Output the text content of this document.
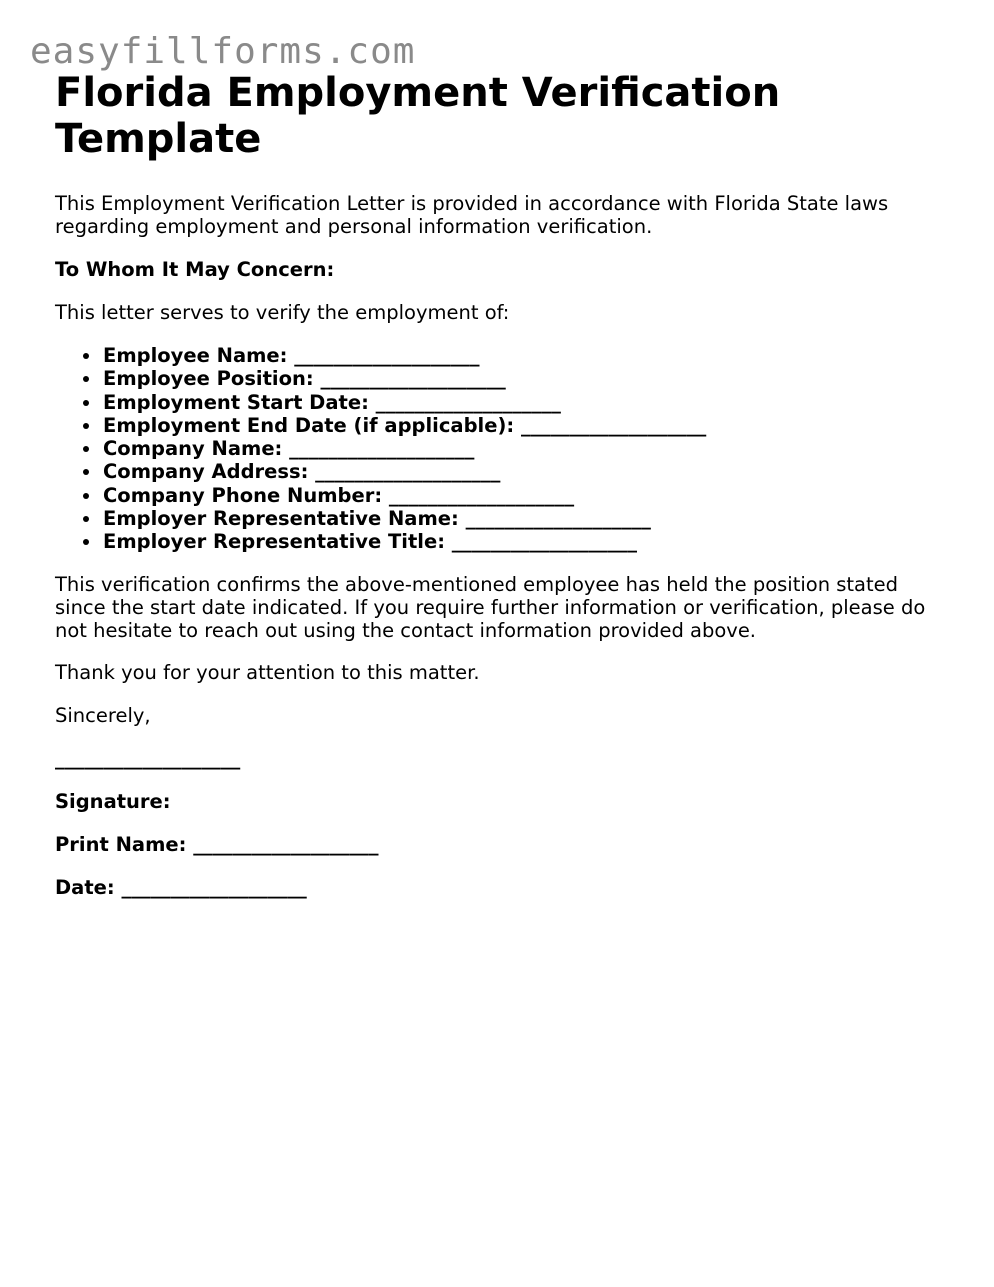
easyfillforms.com
Florida Employment Verification Template

This Employment Verification Letter is provided in accordance with Florida State laws regarding employment and personal information verification.

To Whom It May Concern:

This letter serves to verify the employment of:

Employee Name: ___________________
Employee Position: ___________________
Employment Start Date: ___________________
Employment End Date (if applicable): ___________________
Company Name: ___________________
Company Address: ___________________
Company Phone Number: ___________________
Employer Representative Name: ___________________
Employer Representative Title: ___________________

This verification confirms the above-mentioned employee has held the position stated since the start date indicated. If you require further information or verification, please do not hesitate to reach out using the contact information provided above.

Thank you for your attention to this matter.

Sincerely,

___________________

Signature:

Print Name: ___________________

Date: ___________________
